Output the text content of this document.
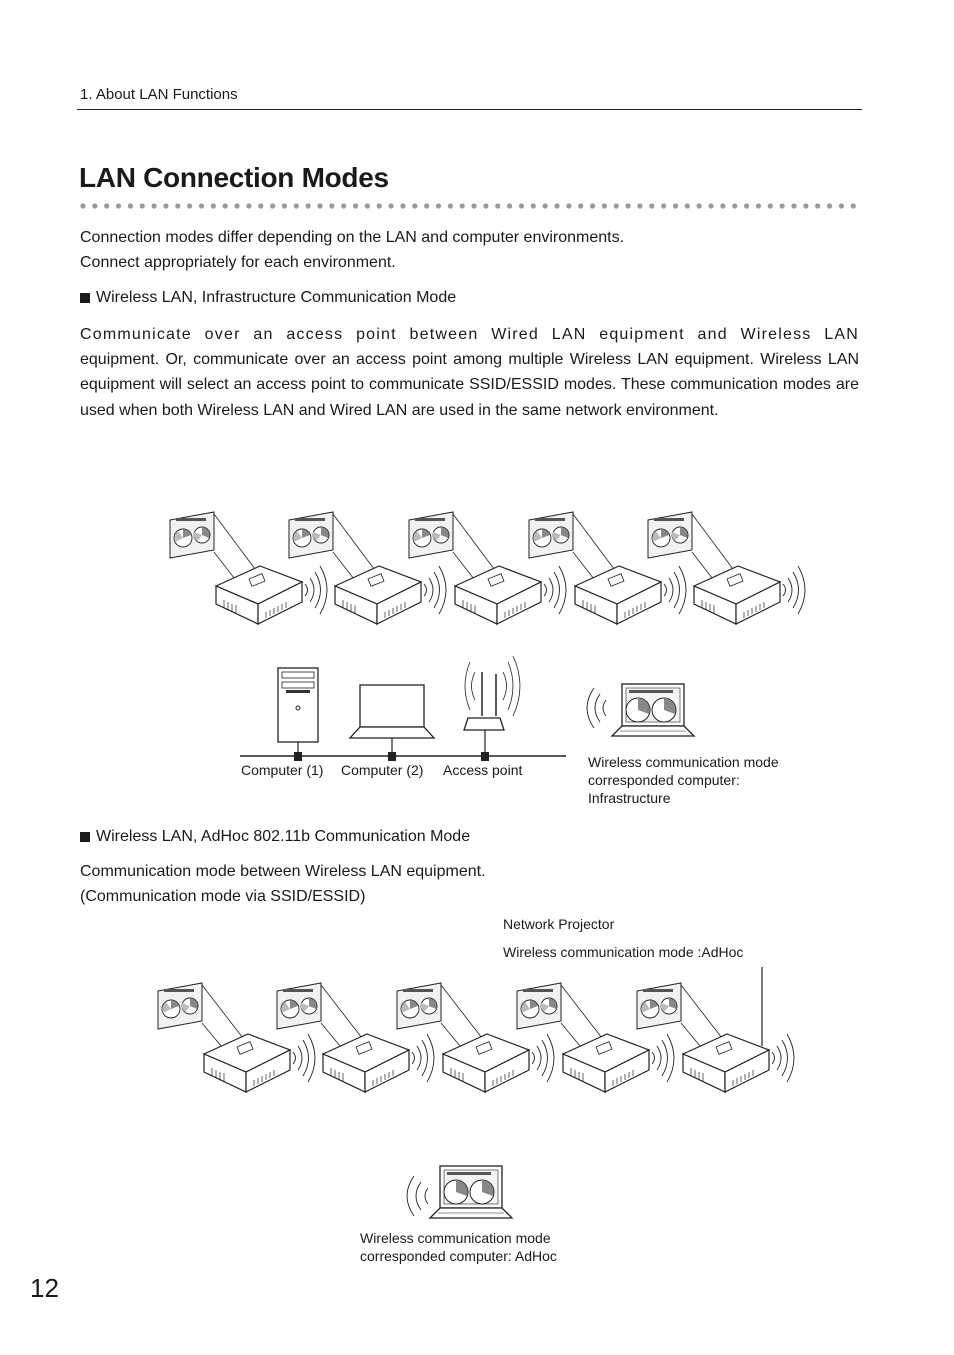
1. About LAN Functions
LAN Connection Modes
Connection modes differ depending on the LAN and computer environments.
Connect appropriately for each environment.
Wireless LAN, Infrastructure Communication Mode

Communicate over an access point between Wired LAN equipment and Wireless LAN equipment. Or, communicate over an access point among multiple Wireless LAN equipment. Wireless LAN equipment will select an access point to communicate SSID/ESSID modes. These communication modes are used when both Wireless LAN and Wired LAN are used in the same network environment.

Computer (1) Computer (2) Access point	Wireless communication mode
corresponded computer:
Infrastructure
Wireless LAN, AdHoc 802.11b Communication Mode
Communication mode between Wireless LAN equipment.
(Communication mode via SSID/ESSID)
Network Projector
Wireless communication mode :AdHoc
Wireless communication mode
corresponded computer: AdHoc
12
